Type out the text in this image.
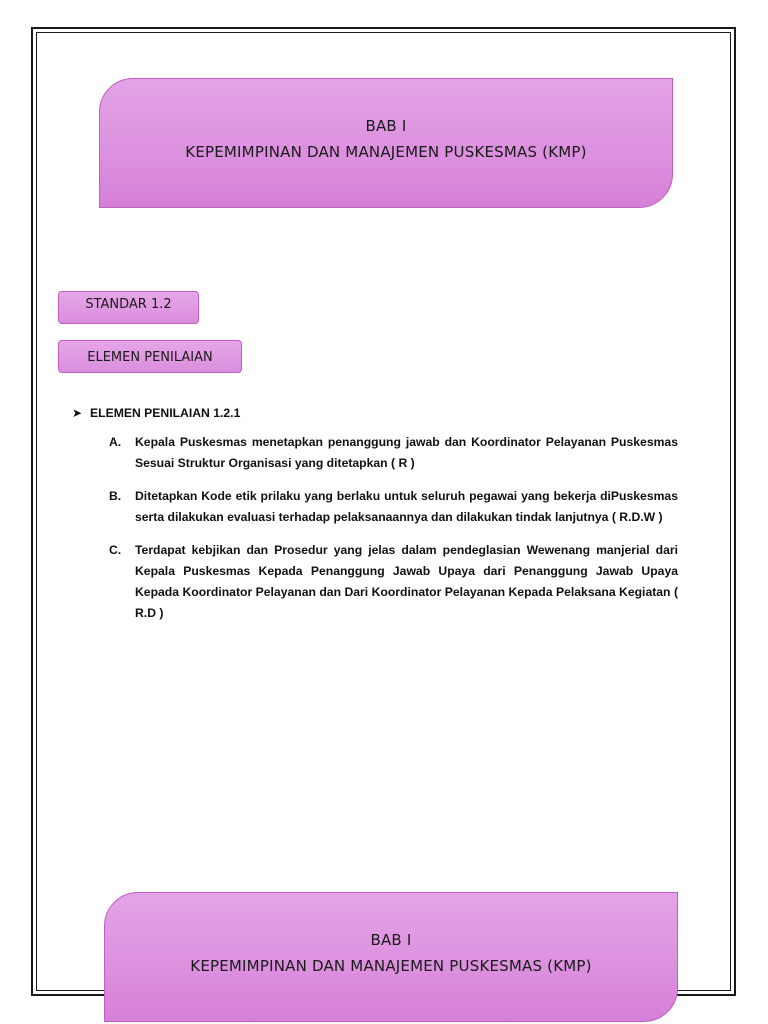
BAB I
KEPEMIMPINAN DAN MANAJEMEN PUSKESMAS (KMP)
STANDAR 1.2
ELEMEN PENILAIAN
➤ ELEMEN PENILAIAN 1.2.1
A.	Kepala Puskesmas menetapkan penanggung jawab dan Koordinator Pelayanan Puskesmas Sesuai Struktur Organisasi yang ditetapkan ( R )
B.	Ditetapkan Kode etik prilaku yang berlaku untuk seluruh pegawai yang bekerja diPuskesmas serta dilakukan evaluasi terhadap pelaksanaannya dan dilakukan tindak lanjutnya ( R.D.W )
C.	Terdapat kebjikan dan Prosedur yang jelas dalam pendeglasian Wewenang manjerial dari Kepala Puskesmas Kepada Penanggung Jawab Upaya dari Penanggung Jawab Upaya Kepada Koordinator Pelayanan dan Dari Koordinator Pelayanan Kepada Pelaksana Kegiatan ( R.D )
BAB I
KEPEMIMPINAN DAN MANAJEMEN PUSKESMAS (KMP)
